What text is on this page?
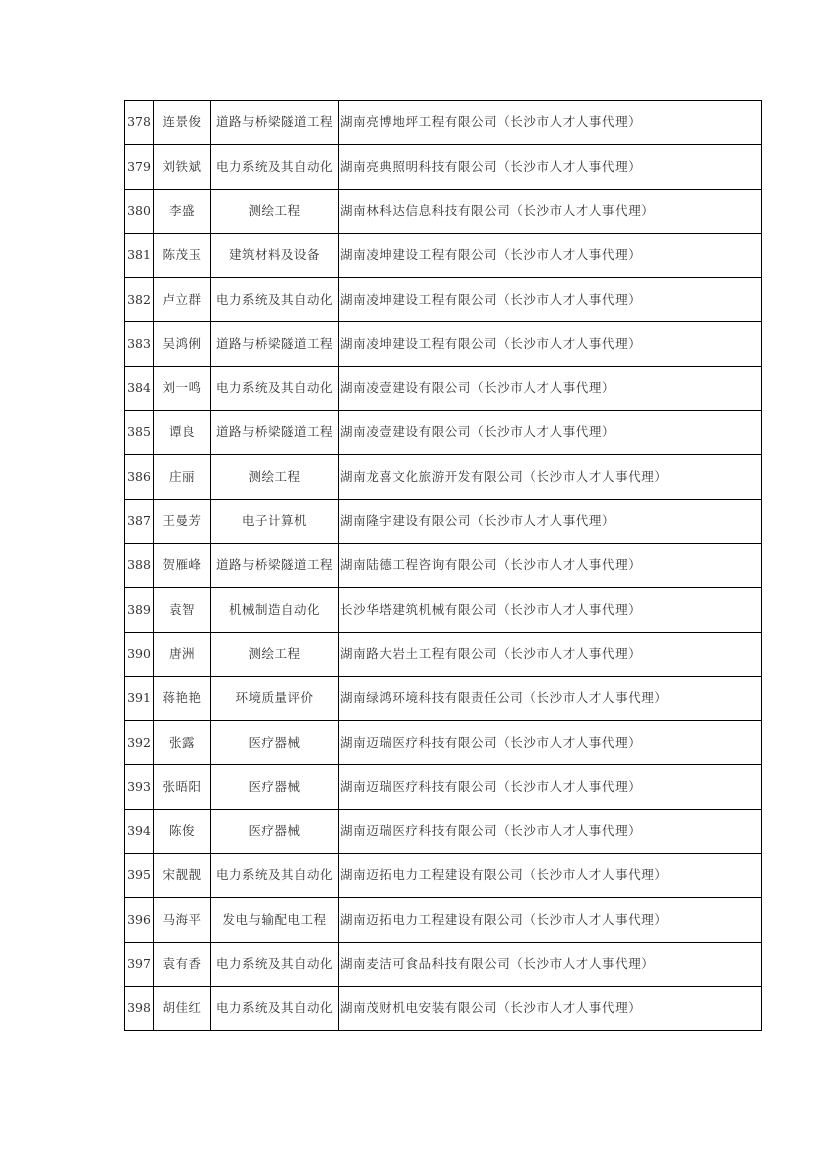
378	连景俊	道路与桥梁隧道工程	湖南亮博地坪工程有限公司（长沙市人才人事代理）
379	刘铁斌	电力系统及其自动化	湖南亮典照明科技有限公司（长沙市人才人事代理）
380	李盛	测绘工程	湖南林科达信息科技有限公司（长沙市人才人事代理）
381	陈茂玉	建筑材料及设备	湖南凌坤建设工程有限公司（长沙市人才人事代理）
382	卢立群	电力系统及其自动化	湖南凌坤建设工程有限公司（长沙市人才人事代理）
383	吴鸿俐	道路与桥梁隧道工程	湖南凌坤建设工程有限公司（长沙市人才人事代理）
384	刘一鸣	电力系统及其自动化	湖南凌壹建设有限公司（长沙市人才人事代理）
385	谭良	道路与桥梁隧道工程	湖南凌壹建设有限公司（长沙市人才人事代理）
386	庄丽	测绘工程	湖南龙喜文化旅游开发有限公司（长沙市人才人事代理）
387	王曼芳	电子计算机	湖南隆宇建设有限公司（长沙市人才人事代理）
388	贺雁峰	道路与桥梁隧道工程	湖南陆德工程咨询有限公司（长沙市人才人事代理）
389	袁智	机械制造自动化	长沙华塔建筑机械有限公司（长沙市人才人事代理）
390	唐洲	测绘工程	湖南路大岩土工程有限公司（长沙市人才人事代理）
391	蒋艳艳	环境质量评价	湖南绿鸿环境科技有限责任公司（长沙市人才人事代理）
392	张露	医疗器械	湖南迈瑞医疗科技有限公司（长沙市人才人事代理）
393	张晤阳	医疗器械	湖南迈瑞医疗科技有限公司（长沙市人才人事代理）
394	陈俊	医疗器械	湖南迈瑞医疗科技有限公司（长沙市人才人事代理）
395	宋靓靓	电力系统及其自动化	湖南迈拓电力工程建设有限公司（长沙市人才人事代理）
396	马海平	发电与输配电工程	湖南迈拓电力工程建设有限公司（长沙市人才人事代理）
397	袁有香	电力系统及其自动化	湖南麦洁可食品科技有限公司（长沙市人才人事代理）
398	胡佳红	电力系统及其自动化	湖南茂财机电安装有限公司（长沙市人才人事代理）
